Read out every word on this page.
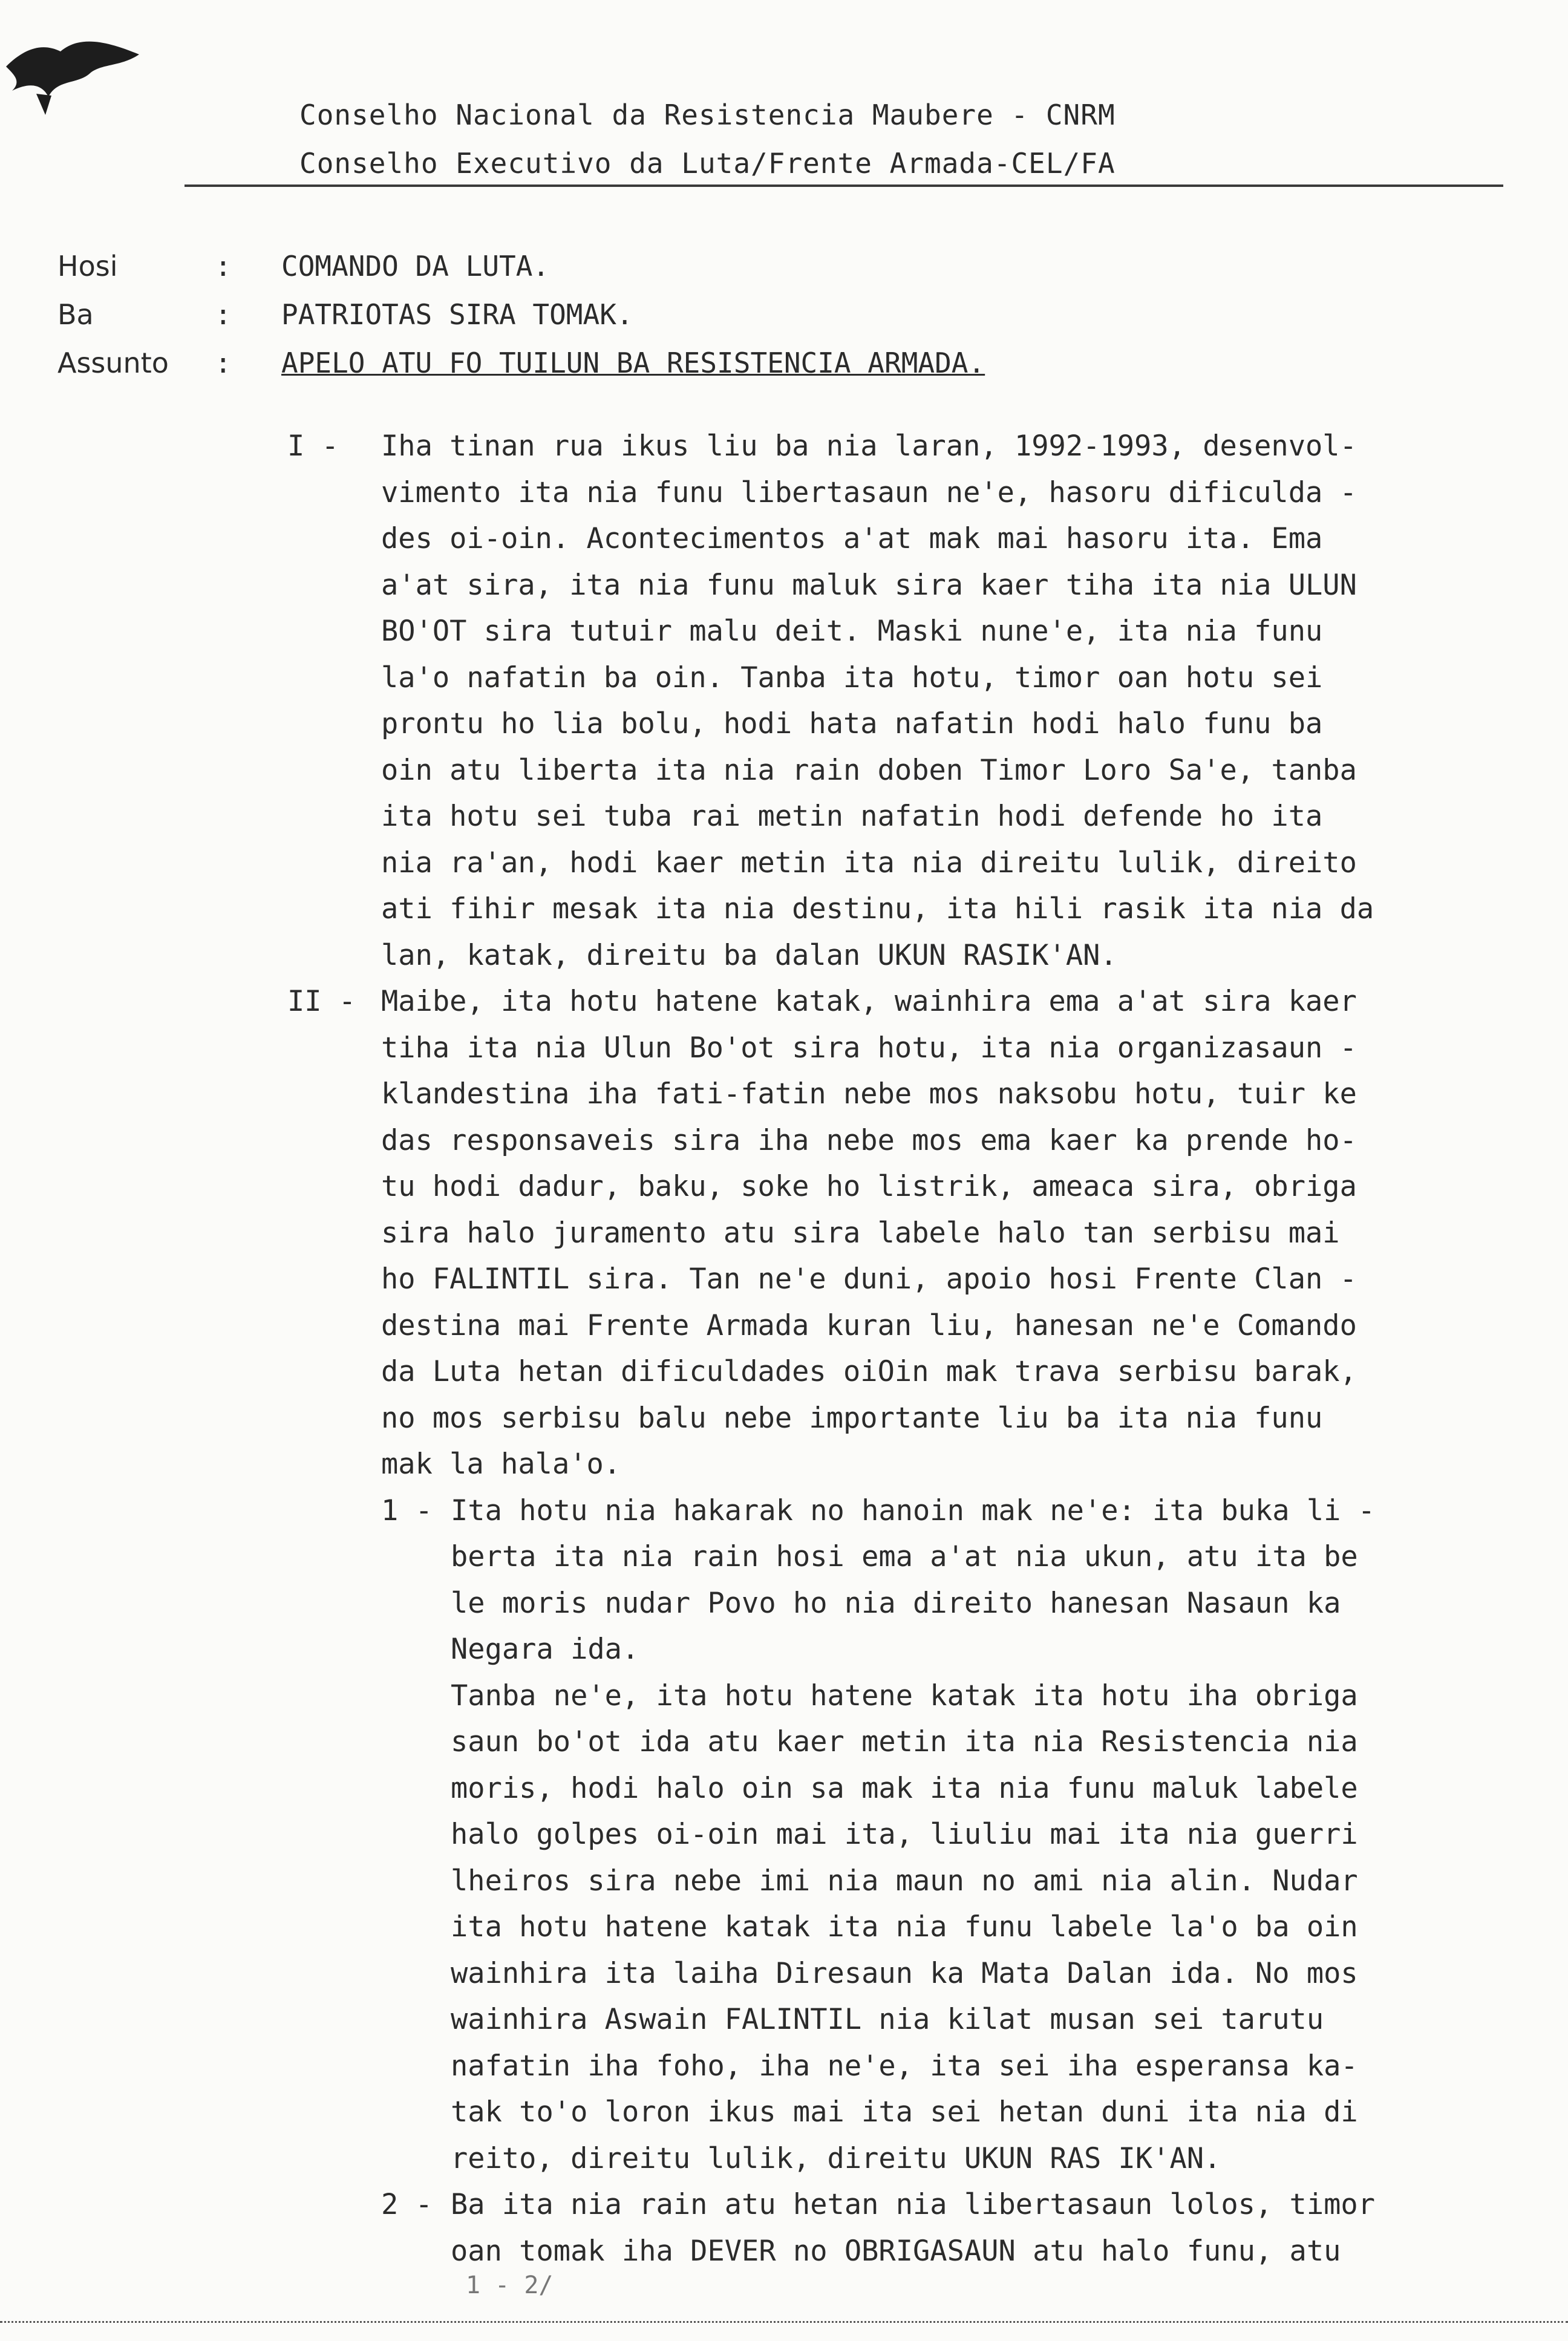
Conselho Nacional da Resistencia Maubere - CNRM
Conselho Executivo da Luta/Frente Armada-CEL/FA
Hosi	:	COMANDO DA LUTA.
Ba	:	PATRIOTAS SIRA TOMAK.
Assunto	:	APELO ATU FO TUILUN BA RESISTENCIA ARMADA.
I -	Iha tinan rua ikus liu ba nia laran, 1992-1993, desenvol-
vimento ita nia funu libertasaun ne'e, hasoru dificulda -
des oi-oin. Acontecimentos a'at mak mai hasoru ita. Ema
a'at sira, ita nia funu maluk sira kaer tiha ita nia ULUN
BO'OT sira tutuir malu deit. Maski nune'e, ita nia funu
la'o nafatin ba oin. Tanba ita hotu, timor oan hotu sei
prontu ho lia bolu, hodi hata nafatin hodi halo funu ba
oin atu liberta ita nia rain doben Timor Loro Sa'e, tanba
ita hotu sei tuba rai metin nafatin hodi defende ho ita
nia ra'an, hodi kaer metin ita nia direitu lulik, direito
ati fihir mesak ita nia destinu, ita hili rasik ita nia da
lan, katak, direitu ba dalan UKUN RASIK'AN.
II - Maibe, ita hotu hatene katak, wainhira ema a'at sira kaer
tiha ita nia Ulun Bo'ot sira hotu, ita nia organizasaun -
klandestina iha fati-fatin nebe mos naksobu hotu, tuir ke
das responsaveis sira iha nebe mos ema kaer ka prende ho-
tu hodi dadur, baku, soke ho listrik, ameaca sira, obriga
sira halo juramento atu sira labele halo tan serbisu mai
ho FALINTIL sira. Tan ne'e duni, apoio hosi Frente Clan -
destina mai Frente Armada kuran liu, hanesan ne'e Comando
da Luta hetan dificuldades oiOin mak trava serbisu barak,
no mos serbisu balu nebe importante liu ba ita nia funu
mak la hala'o.
1 - Ita hotu nia hakarak no hanoin mak ne'e: ita buka li -
berta ita nia rain hosi ema a'at nia ukun, atu ita be
le moris nudar Povo ho nia direito hanesan Nasaun ka
Negara ida.
Tanba ne'e, ita hotu hatene katak ita hotu iha obriga
saun bo'ot ida atu kaer metin ita nia Resistencia nia
moris, hodi halo oin sa mak ita nia funu maluk labele
halo golpes oi-oin mai ita, liuliu mai ita nia guerri
lheiros sira nebe imi nia maun no ami nia alin. Nudar
ita hotu hatene katak ita nia funu labele la'o ba oin
wainhira ita laiha Diresaun ka Mata Dalan ida. No mos
wainhira Aswain FALINTIL nia kilat musan sei tarutu
nafatin iha foho, iha ne'e, ita sei iha esperansa ka-
tak to'o loron ikus mai ita sei hetan duni ita nia di
reito, direitu lulik, direitu UKUN RAS IK'AN.
2 - Ba ita nia rain atu hetan nia libertasaun lolos, timor
oan tomak iha DEVER no OBRIGASAUN atu halo funu, atu
1 - 2/
